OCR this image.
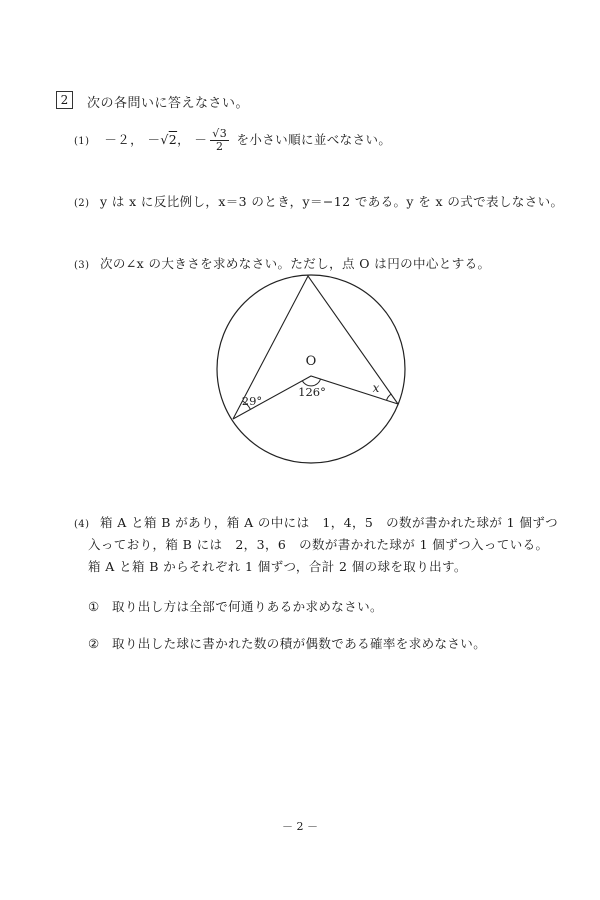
2	次の各問いに答えなさい。
(1) －２， －√2， － $\frac{√3}{2}$ を小さい順に並べなさい。
(2) y は x に反比例し，x＝3 のとき，y＝−12 である。y を x の式で表しなさい。
(3) 次の∠x の大きさを求めなさい。ただし，点 O は円の中心とする。
O
126°
29°
x
(4) 箱 A と箱 B があり，箱 A の中には　1，4，5　の数が書かれた球が 1 個ずつ
入っており，箱 B には　2，3，6　の数が書かれた球が 1 個ずつ入っている。
箱 A と箱 B からそれぞれ 1 個ずつ，合計 2 個の球を取り出す。
① 取り出し方は全部で何通りあるか求めなさい。
② 取り出した球に書かれた数の積が偶数である確率を求めなさい。
－ 2 －
